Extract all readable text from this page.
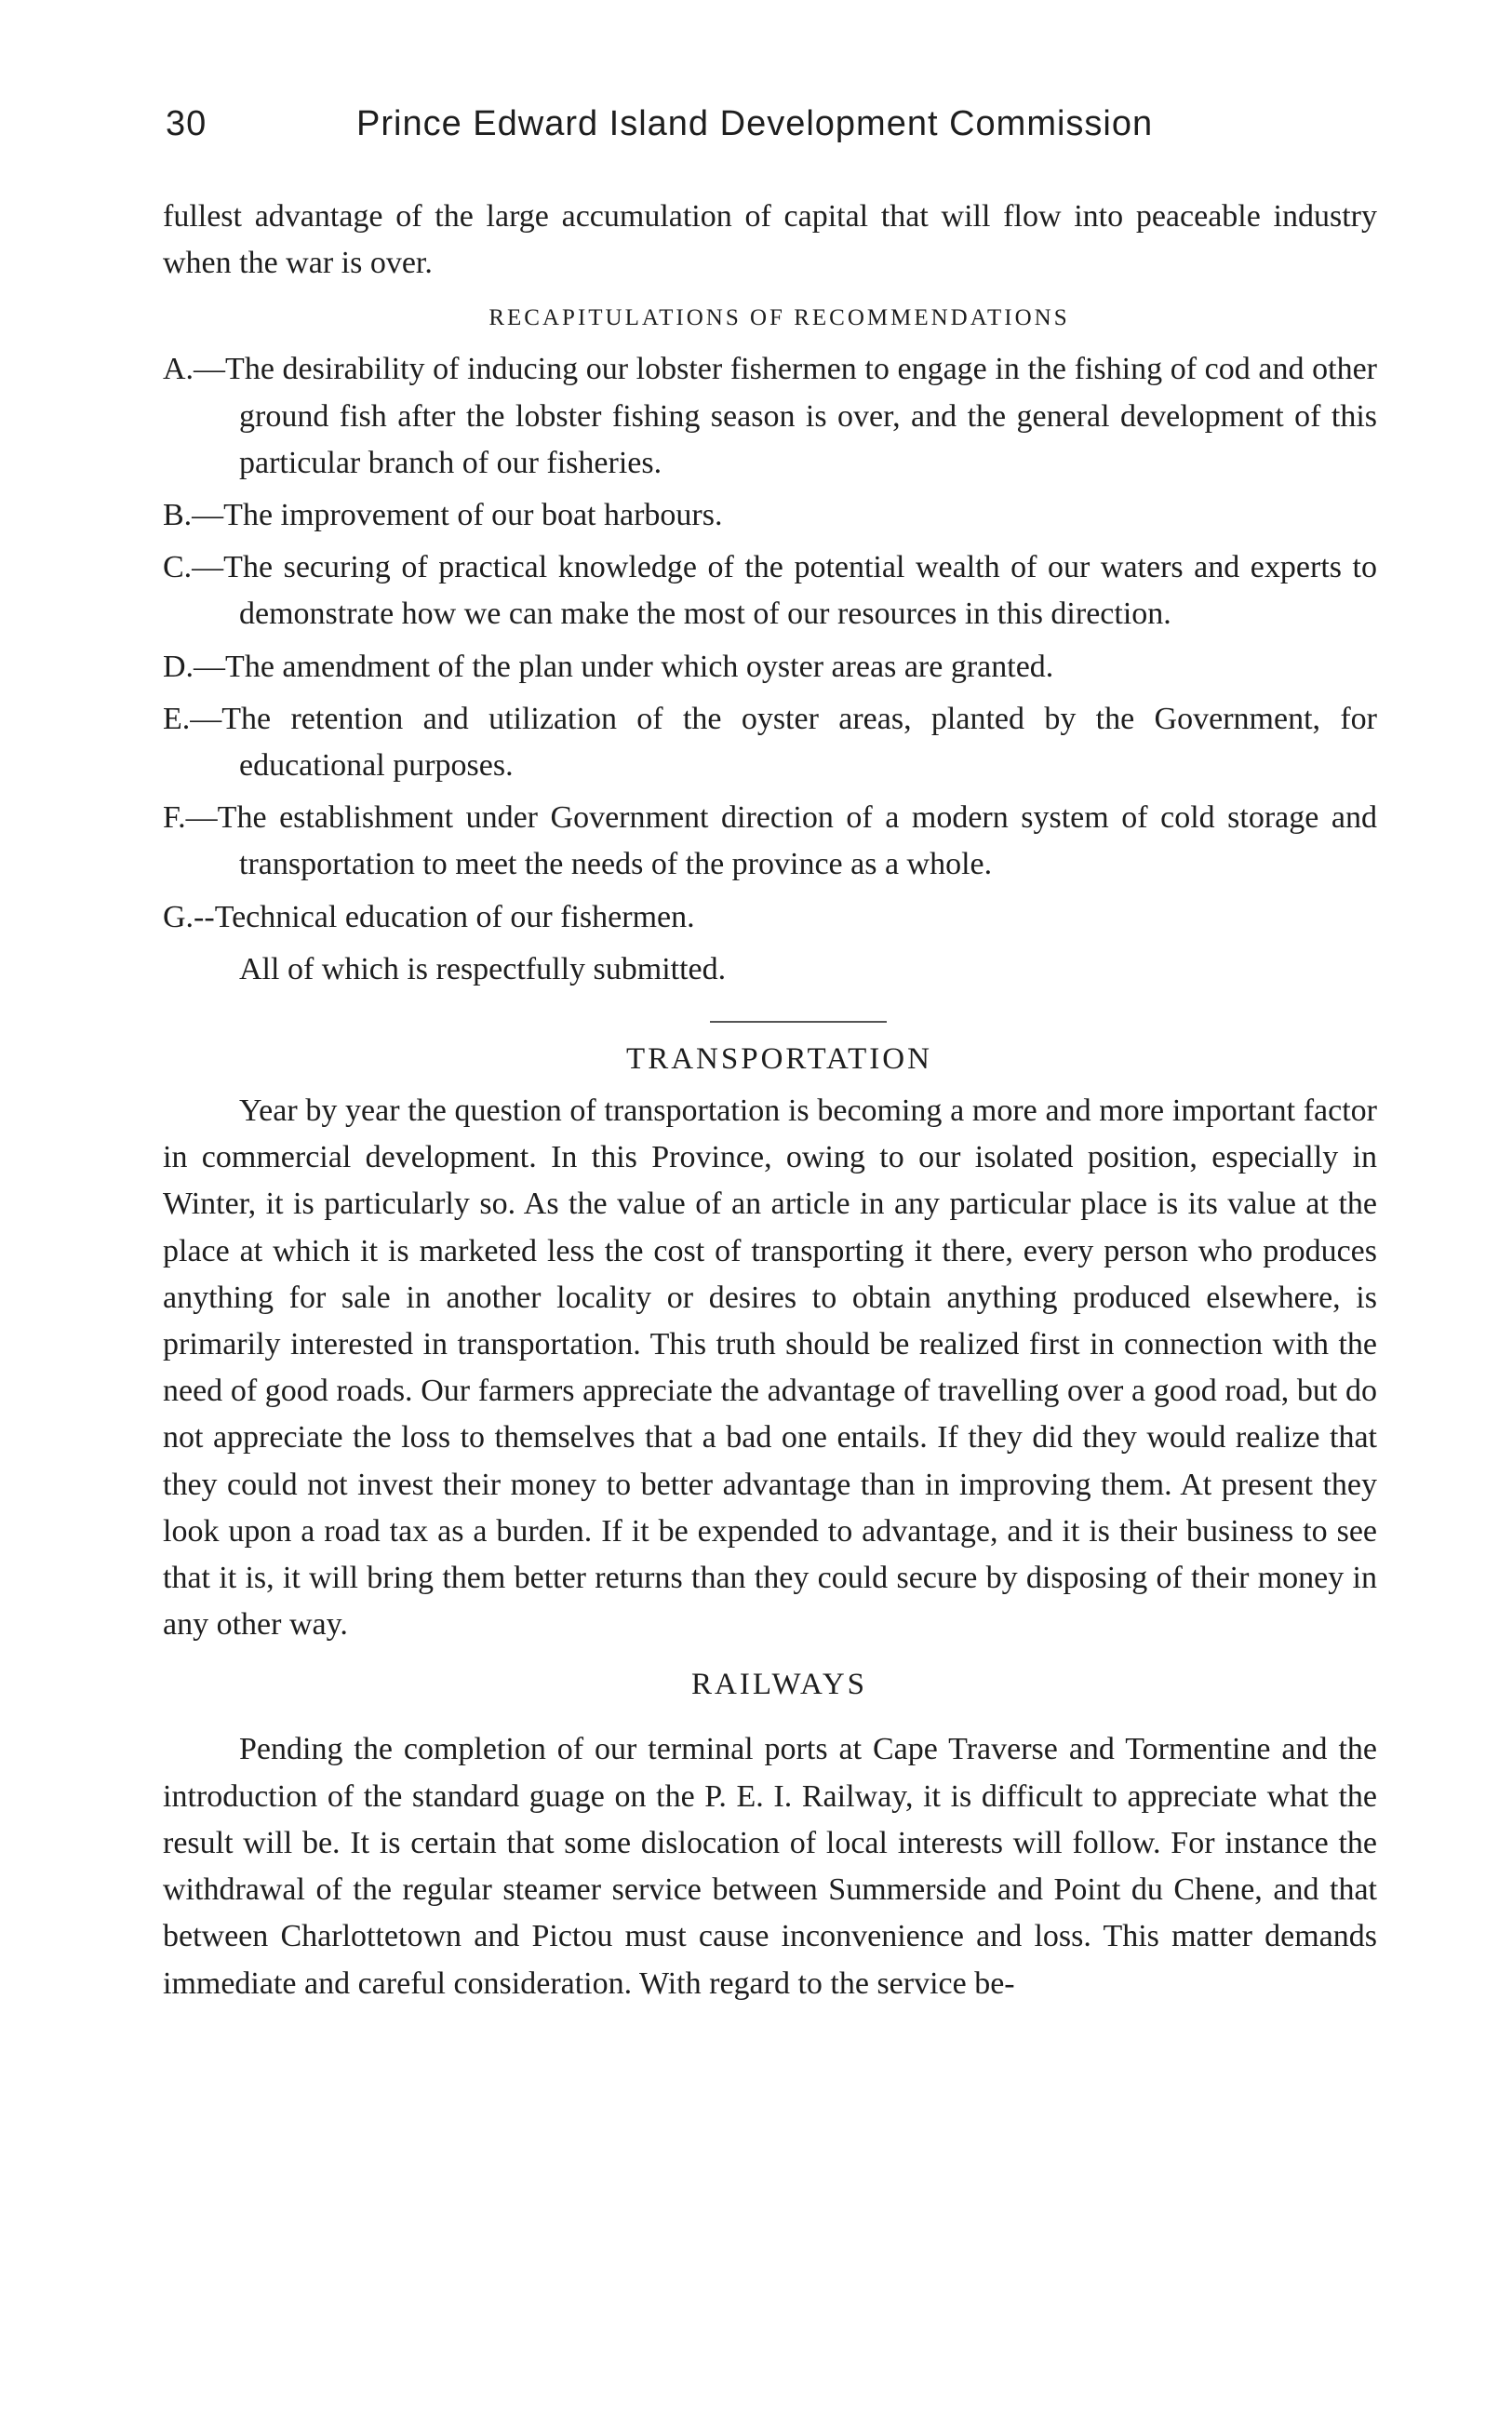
30	Prince Edward Island Development Commission

fullest advantage of the large accumulation of capital that will flow into peaceable industry when the war is over.

RECAPITULATIONS OF RECOMMENDATIONS
A.—The desirability of inducing our lobster fishermen to engage in the fishing of cod and other ground fish after the lobster fishing season is over, and the general development of this particular branch of our fisheries.
B.—The improvement of our boat harbours.
C.—The securing of practical knowledge of the potential wealth of our waters and experts to demonstrate how we can make the most of our resources in this direction.
D.—The amendment of the plan under which oyster areas are granted.
E.—The retention and utilization of the oyster areas, planted by the Government, for educational purposes.
F.—The establishment under Government direction of a modern system of cold storage and transportation to meet the needs of the province as a whole.
G.--Technical education of our fishermen.

All of which is respectfully submitted.

TRANSPORTATION

Year by year the question of transportation is becoming a more and more important factor in commercial development. In this Province, owing to our isolated position, especially in Winter, it is particularly so. As the value of an article in any particular place is its value at the place at which it is marketed less the cost of transporting it there, every person who produces anything for sale in another locality or desires to obtain anything produced elsewhere, is primarily interested in transportation. This truth should be realized first in connection with the need of good roads. Our farmers appreciate the advantage of travelling over a good road, but do not appreciate the loss to themselves that a bad one entails. If they did they would realize that they could not invest their money to better advantage than in improving them. At present they look upon a road tax as a burden. If it be expended to advantage, and it is their business to see that it is, it will bring them better returns than they could secure by disposing of their money in any other way.

RAILWAYS

Pending the completion of our terminal ports at Cape Traverse and Tormentine and the introduction of the standard guage on the P. E. I. Railway, it is difficult to appreciate what the result will be. It is certain that some dislocation of local interests will follow. For instance the withdrawal of the regular steamer service between Summerside and Point du Chene, and that between Charlottetown and Pictou must cause inconvenience and loss. This matter demands immediate and careful consideration. With regard to the service be-
